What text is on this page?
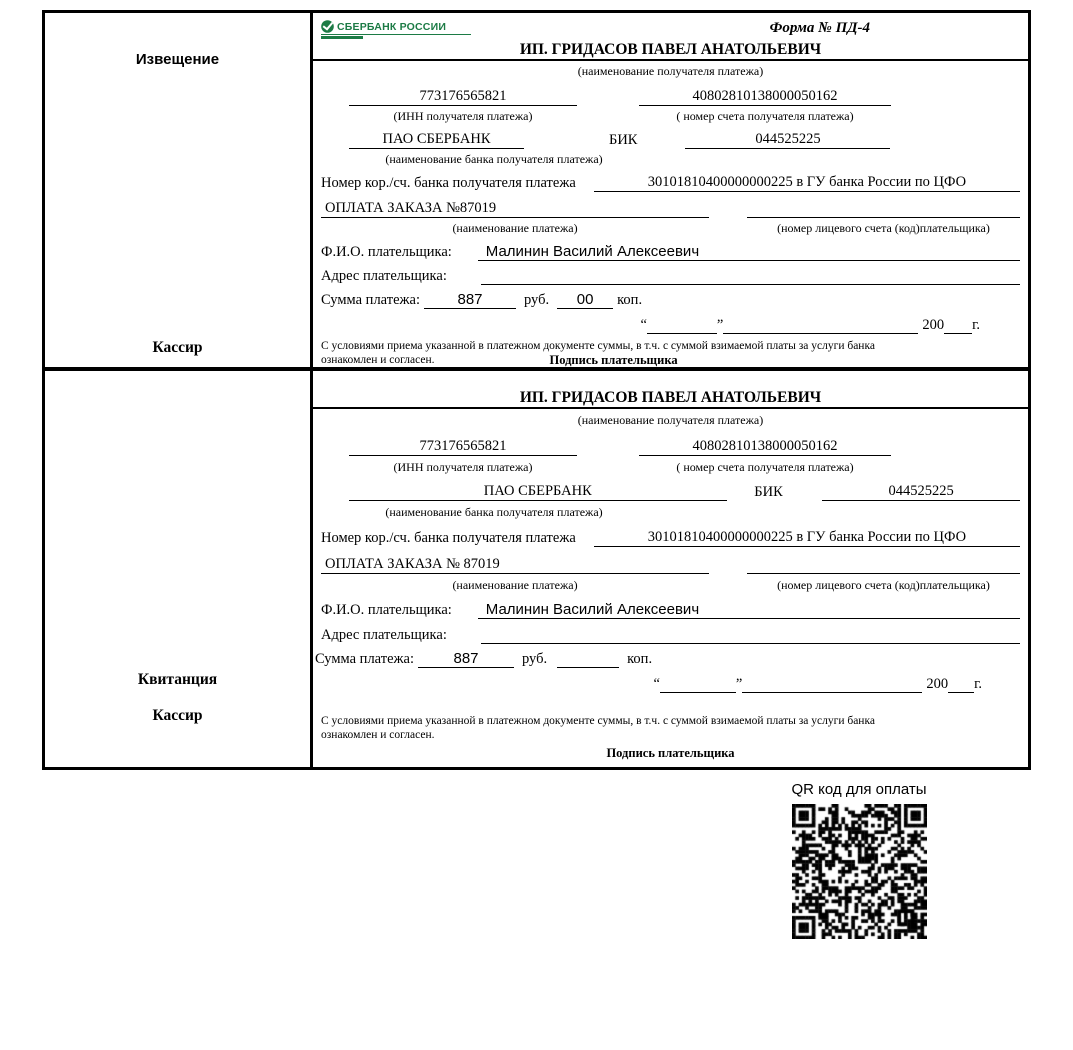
Извещение
Кассир
СБЕРБАНК РОССИИ	Форма № ПД-4
ИП. ГРИДАСОВ ПАВЕЛ АНАТОЛЬЕВИЧ
(наименование получателя платежа)
773176565821	40802810138000050162
(ИНН получателя платежа)	( номер счета получателя платежа)
ПАО СБЕРБАНК	БИК	044525225
(наименование банка получателя платежа)
Номер кор./сч. банка получателя платежа	30101810400000000225 в ГУ банка России по ЦФО
ОПЛАТА ЗАКАЗА №87019
(наименование платежа)	(номер лицевого счета (код)плательщика)
Ф.И.О. плательщика:	Малинин Василий Алексеевич
Адрес плательщика:
Сумма платежа:	887	руб.	00	коп.
“	”	200 г.
С условиями приема указанной в платежном документе суммы, в т.ч. с суммой взимаемой платы за услуги банка
ознакомлен и согласен.	Подпись плательщика
Квитанция
Кассир
ИП. ГРИДАСОВ ПАВЕЛ АНАТОЛЬЕВИЧ
(наименование получателя платежа)
773176565821	40802810138000050162
(ИНН получателя платежа)	( номер счета получателя платежа)
ПАО СБЕРБАНК	БИК	044525225
(наименование банка получателя платежа)
Номер кор./сч. банка получателя платежа	30101810400000000225 в ГУ банка России по ЦФО
ОПЛАТА ЗАКАЗА № 87019
(наименование платежа)	(номер лицевого счета (код)плательщика)
Ф.И.О. плательщика:	Малинин Василий Алексеевич
Адрес плательщика:
Сумма платежа:	887	руб.	коп.
“	”	200 г.
С условиями приема указанной в платежном документе суммы, в т.ч. с суммой взимаемой платы за услуги банка
ознакомлен и согласен.
Подпись плательщика
QR код для оплаты
